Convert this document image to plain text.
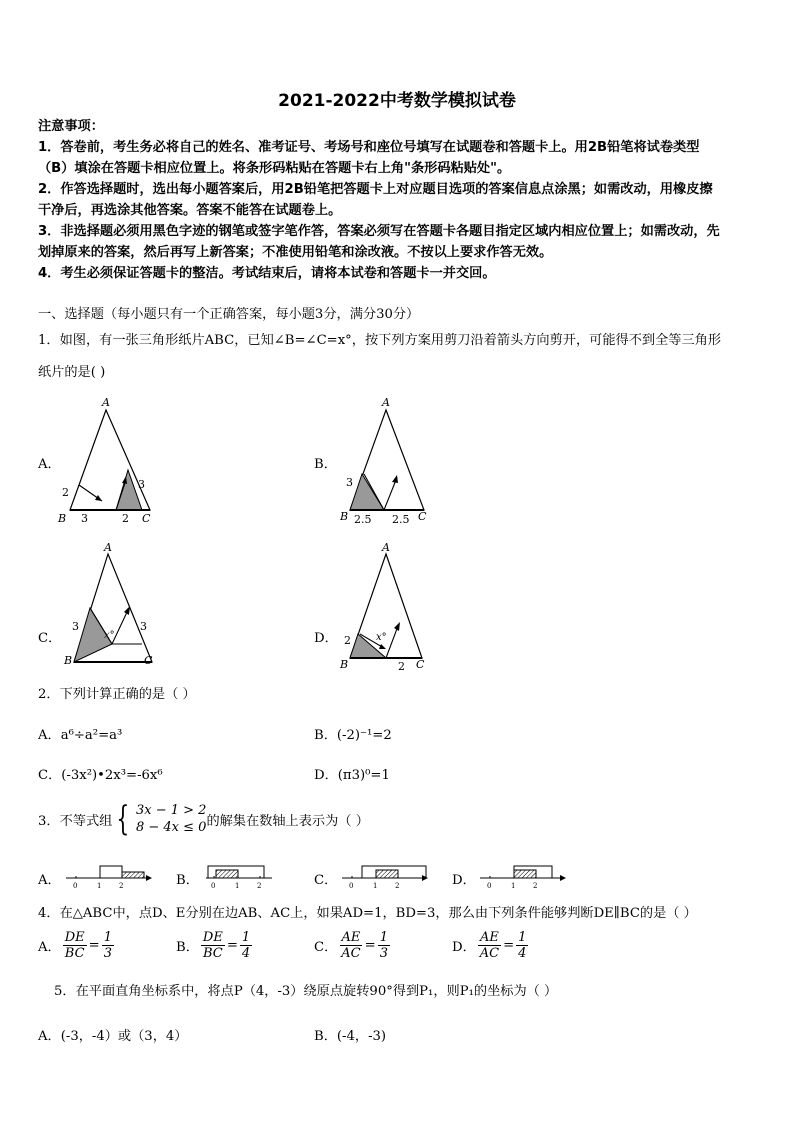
2021-2022中考数学模拟试卷
注意事项：
1．答卷前，考生务必将自己的姓名、准考证号、考场号和座位号填写在试题卷和答题卡上。用2B铅笔将试卷类型
（B）填涂在答题卡相应位置上。将条形码粘贴在答题卡右上角"条形码粘贴处"。
2．作答选择题时，选出每小题答案后，用2B铅笔把答题卡上对应题目选项的答案信息点涂黑；如需改动，用橡皮擦
干净后，再选涂其他答案。答案不能答在试题卷上。
3．非选择题必须用黑色字迹的钢笔或签字笔作答，答案必须写在答题卡各题目指定区域内相应位置上；如需改动，先
划掉原来的答案，然后再写上新答案；不准使用铅笔和涂改液。不按以上要求作答无效。
4．考生必须保证答题卡的整洁。考试结束后，请将本试卷和答题卡一并交回。
一、选择题（每小题只有一个正确答案，每小题3分，满分30分）
1．如图，有一张三角形纸片ABC，已知∠B=∠C=x°，按下列方案用剪刀沿着箭头方向剪开，可能得不到全等三角形
纸片的是( )
A．	B．
C．	D．
A
B	C
2
3	2
3
A
B	C
3
2.5 2.5
A
B	C
3
x°
3
A
B	C
2	x°
2
2．下列计算正确的是（ ）
A．a⁶÷a²=a³	B．(-2)⁻¹=2
C．(-3x²)•2x³=-6x⁶	D．(π3)⁰=1
3．不等式组 { 3x − 1 > 2
8 − 4x ≤ 0 的解集在数轴上表示为（ ）
A．	B．	C．	D．
0	1	2	0	1	2	0	1	2	0	1	2
4．在△ABC中，点D、E分别在边AB、AC上，如果AD=1，BD=3，那么由下列条件能够判断DE∥BC的是（ ）
A． $\frac{DE}{BC} = \frac{1}{3}$	B． $\frac{DE}{BC} = \frac{1}{4}$	C． $\frac{AE}{AC} = \frac{1}{3}$	D． $\frac{AE}{AC} = \frac{1}{4}$
5．在平面直角坐标系中，将点P（4，-3）绕原点旋转90°得到P₁，则P₁的坐标为（ ）
A．(-3，-4）或（3，4）	B．(-4，-3)
